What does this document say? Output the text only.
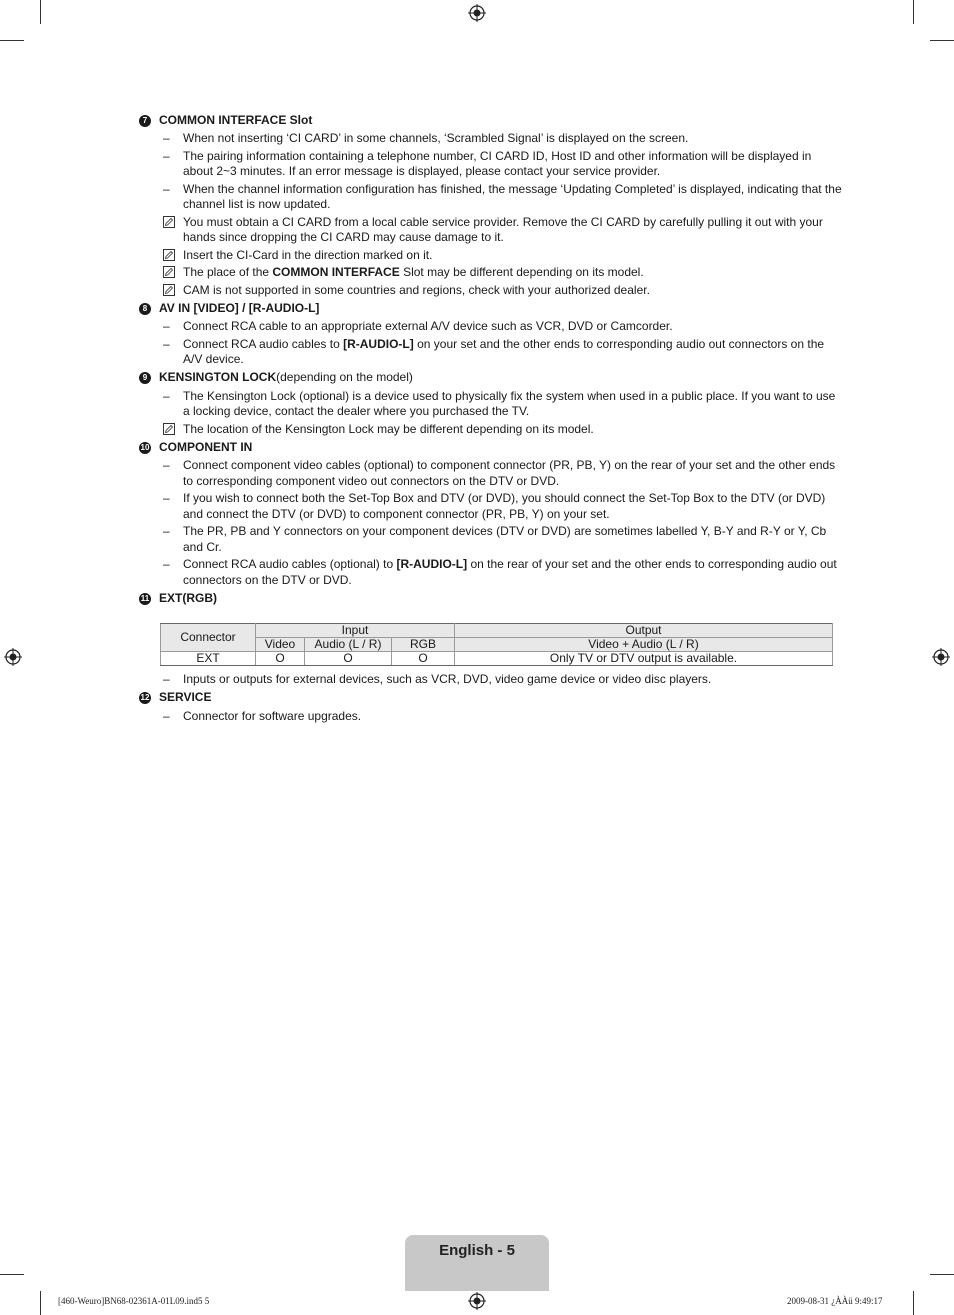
7 COMMON INTERFACE Slot
–	When not inserting ‘CI CARD’ in some channels, ‘Scrambled Signal’ is displayed on the screen.
–	The pairing information containing a telephone number, CI CARD ID, Host ID and other information will be displayed in about 2~3 minutes. If an error message is displayed, please contact your service provider.
–	When the channel information configuration has finished, the message ‘Updating Completed’ is displayed, indicating that the channel list is now updated.
You must obtain a CI CARD from a local cable service provider. Remove the CI CARD by carefully pulling it out with your hands since dropping the CI CARD may cause damage to it.
Insert the CI-Card in the direction marked on it.
The place of the COMMON INTERFACE Slot may be different depending on its model.
CAM is not supported in some countries and regions, check with your authorized dealer.
8 AV IN [VIDEO] / [R-AUDIO-L]
–	Connect RCA cable to an appropriate external A/V device such as VCR, DVD or Camcorder.
–	Connect RCA audio cables to [R-AUDIO-L] on your set and the other ends to corresponding audio out connectors on the A/V device.
9 KENSINGTON LOCK (depending on the model)
–	The Kensington Lock (optional) is a device used to physically fix the system when used in a public place. If you want to use a locking device, contact the dealer where you purchased the TV.
The location of the Kensington Lock may be different depending on its model.
10 COMPONENT IN
–	Connect component video cables (optional) to component connector (PR, PB, Y) on the rear of your set and the other ends to corresponding component video out connectors on the DTV or DVD.
–	If you wish to connect both the Set-Top Box and DTV (or DVD), you should connect the Set-Top Box to the DTV (or DVD) and connect the DTV (or DVD) to component connector (PR, PB, Y) on your set.
–	The PR, PB and Y connectors on your component devices (DTV or DVD) are sometimes labelled Y, B-Y and R-Y or Y, Cb and Cr.
–	Connect RCA audio cables (optional) to [R-AUDIO-L] on the rear of your set and the other ends to corresponding audio out connectors on the DTV or DVD.
11 EXT(RGB)
Connector	Input			Output
	Video	Audio (L / R)	RGB	Video + Audio (L / R)
EXT	O	O	O	Only TV or DTV output is available.
–	Inputs or outputs for external devices, such as VCR, DVD, video game device or video disc players.
12 SERVICE
–	Connector for software upgrades.
English - 5
[460-Weuro]BN68-02361A-01L09.ind5 5	2009-08-31 ¿ÀÀü 9:49:17
